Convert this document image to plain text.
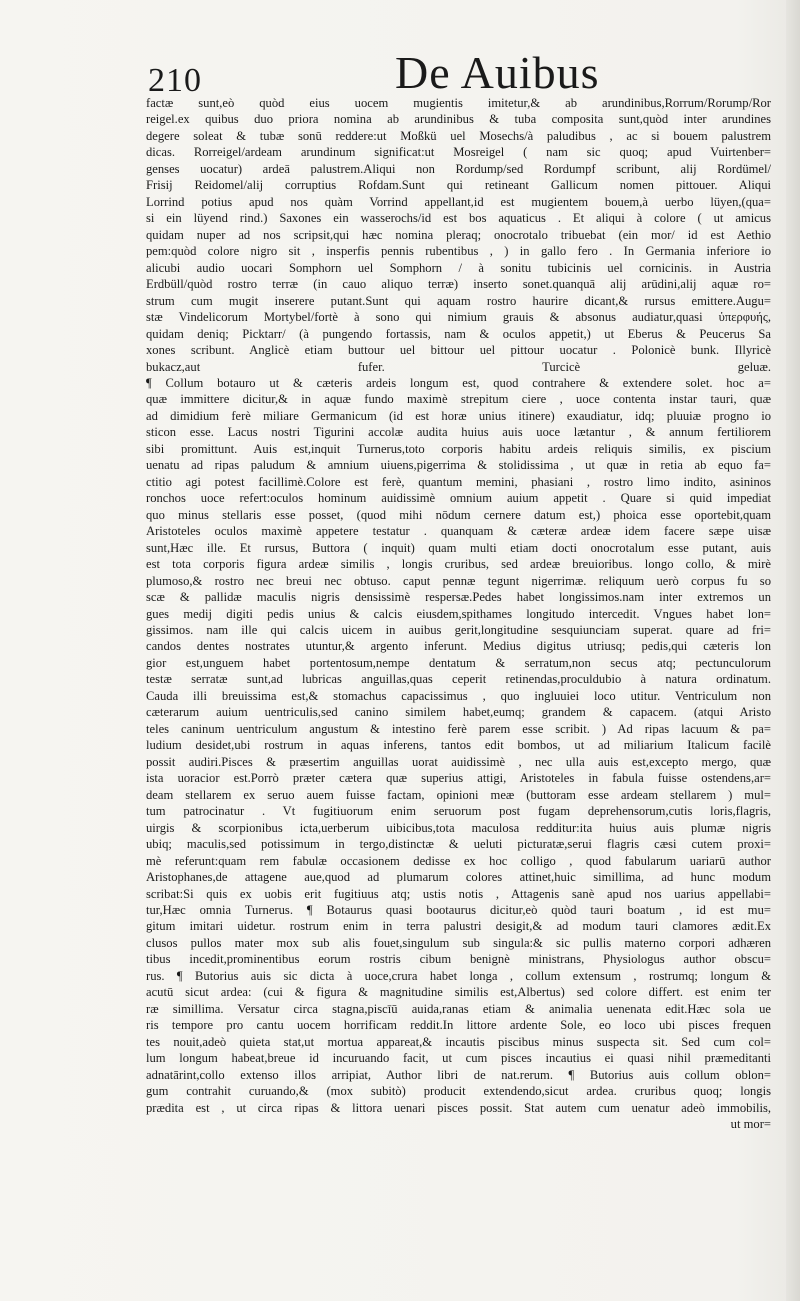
210	De Auibus
factæ sunt,eò quòd eius uocem mugientis imitetur,& ab arundinibus,Rorrum/Rorump/Ror
reigel.ex quibus duo priora nomina ab arundinibus & tuba composita sunt,quòd inter arundines
degere soleat & tubæ sonū reddere:ut Moßkü uel Mosechs/à paludibus , ac si bouem palustrem
dicas. Rorreigel/ardeam arundinum significat:ut Mosreigel ( nam sic quoq; apud Vuirtenber=
genses uocatur) ardeā palustrem.Aliqui non Rordump/sed Rordumpf scribunt, alij Rordümel/
Frisij Reidomel/alij corruptius Rofdam.Sunt qui retineant Gallicum nomen pittouer. Aliqui
Lorrind potius apud nos quàm Vorrind appellant,id est mugientem bouem,à uerbo lüyen,(qua=
si ein lüyend rind.) Saxones ein wasserochs/id est bos aquaticus . Et aliqui à colore ( ut amicus
quidam nuper ad nos scripsit,qui hæc nomina pleraq; onocrotalo tribuebat (ein mor/ id est Aethio
pem:quòd colore nigro sit , insperfis pennis rubentibus , ) in gallo fero . In Germania inferiore io
alicubi audio uocari Somphorn uel Somphorn / à sonitu tubicinis uel cornicinis. in Austria
Erdbüll/quòd rostro terræ (in cauo aliquo terræ) inserto sonet.quanquā alij arūdini,alij aquæ ro=
strum cum mugit inserere putant.Sunt qui aquam rostro haurire dicant,& rursus emittere.Augu=
stæ Vindelicorum Mortybel/fortè à sono qui nimium grauis & absonus audiatur,quasi ὑπερφυής,
quidam deniq; Picktarr/ (à pungendo fortassis, nam & oculos appetit,) ut Eberus & Peucerus Sa
xones scribunt. Anglicè etiam buttour uel bittour uel pittour uocatur . Polonicè bunk. Illyricè
bukacz,aut fufer. Turcicè geluæ.
¶ Collum botauro ut & cæteris ardeis longum est, quod contrahere & extendere solet. hoc a=
quæ immittere dicitur,& in aquæ fundo maximè strepitum ciere , uoce contenta instar tauri, quæ
ad dimidium ferè miliare Germanicum (id est horæ unius itinere) exaudiatur, idq; pluuiæ progno io
sticon esse. Lacus nostri Tigurini accolæ audita huius auis uoce lætantur , & annum fertiliorem
sibi promittunt. Auis est,inquit Turnerus,toto corporis habitu ardeis reliquis similis, ex piscium
uenatu ad ripas paludum & amnium uiuens,pigerrima & stolidissima , ut quæ in retia ab equo fa=
ctitio agi potest facillimè.Colore est ferè, quantum memini, phasiani , rostro limo indito, asininos
ronchos uoce refert:oculos hominum auidissimè omnium auium appetit . Quare si quid impediat
quo minus stellaris esse posset, (quod mihi nōdum cernere datum est,) phoica esse oportebit,quam
Aristoteles oculos maximè appetere testatur . quanquam & cæteræ ardeæ idem facere sæpe uisæ
sunt,Hæc ille. Et rursus, Buttora ( inquit) quam multi etiam docti onocrotalum esse putant, auis
est tota corporis figura ardeæ similis , longis cruribus, sed ardeæ breuioribus. longo collo, & mirè
plumoso,& rostro nec breui nec obtuso. caput pennæ tegunt nigerrimæ. reliquum uerò corpus fu so
scæ & pallidæ maculis nigris densissimè respersæ.Pedes habet longissimos.nam inter extremos un
gues medij digiti pedis unius & calcis eiusdem,spithames longitudo intercedit. Vngues habet lon=
gissimos. nam ille qui calcis uicem in auibus gerit,longitudine sesquiunciam superat. quare ad fri=
candos dentes nostrates utuntur,& argento inferunt. Medius digitus utriusq; pedis,qui cæteris lon
gior est,unguem habet portentosum,nempe dentatum & serratum,non secus atq; pectunculorum
testæ serratæ sunt,ad lubricas anguillas,quas ceperit retinendas,proculdubio à natura ordinatum.
Cauda illi breuissima est,& stomachus capacissimus , quo ingluuiei loco utitur. Ventriculum non
cæterarum auium uentriculis,sed canino similem habet,eumq; grandem & capacem. (atqui Aristo
teles caninum uentriculum angustum & intestino ferè parem esse scribit. ) Ad ripas lacuum & pa=
ludium desidet,ubi rostrum in aquas inferens, tantos edit bombos, ut ad miliarium Italicum facilè
possit audiri.Pisces & præsertim anguillas uorat auidissimè , nec ulla auis est,excepto mergo, quæ
ista uoracior est.Porrò præter cætera quæ superius attigi, Aristoteles in fabula fuisse ostendens,ar=
deam stellarem ex seruo auem fuisse factam, opinioni meæ (buttoram esse ardeam stellarem ) mul=
tum patrocinatur . Vt fugitiuorum enim seruorum post fugam deprehensorum,cutis loris,flagris,
uirgis & scorpionibus icta,uerberum uibicibus,tota maculosa redditur:ita huius auis plumæ nigris
ubiq; maculis,sed potissimum in tergo,distinctæ & ueluti picturatæ,serui flagris cæsi cutem proxi=
mè referunt:quam rem fabulæ occasionem dedisse ex hoc colligo , quod fabularum uariarū author
Aristophanes,de attagene aue,quod ad plumarum colores attinet,huic simillima, ad hunc modum
scribat:Si quis ex uobis erit fugitiuus atq; ustis notis , Attagenis sanè apud nos uarius appellabi=
tur,Hæc omnia Turnerus. ¶ Botaurus quasi bootaurus dicitur,eò quòd tauri boatum , id est mu=
gitum imitari uidetur. rostrum enim in terra palustri desigit,& ad modum tauri clamores ædit.Ex
clusos pullos mater mox sub alis fouet,singulum sub singula:& sic pullis materno corpori adhæren
tibus incedit,prominentibus eorum rostris cibum benignè ministrans, Physiologus author obscu=
rus. ¶ Butorius auis sic dicta à uoce,crura habet longa , collum extensum , rostrumq; longum &
acutū sicut ardea: (cui & figura & magnitudine similis est,Albertus) sed colore differt. est enim ter
ræ simillima. Versatur circa stagna,piscīū auida,ranas etiam & animalia uenenata edit.Hæc sola ue
ris tempore pro cantu uocem horrificam reddit.In littore ardente Sole, eo loco ubi pisces frequen
tes nouit,adeò quieta stat,ut mortua appareat,& incautis piscibus minus suspecta sit. Sed cum col=
lum longum habeat,breue id incuruando facit, ut cum pisces incautius ei quasi nihil præmeditanti
adnatārint,collo extenso illos arripiat, Author libri de nat.rerum. ¶ Butorius auis collum oblon=
gum contrahit curuando,& (mox subitò) producit extendendo,sicut ardea. cruribus quoq; longis
prædita est , ut circa ripas & littora uenari pisces possit. Stat autem cum uenatur adeò immobilis,
ut mor=
